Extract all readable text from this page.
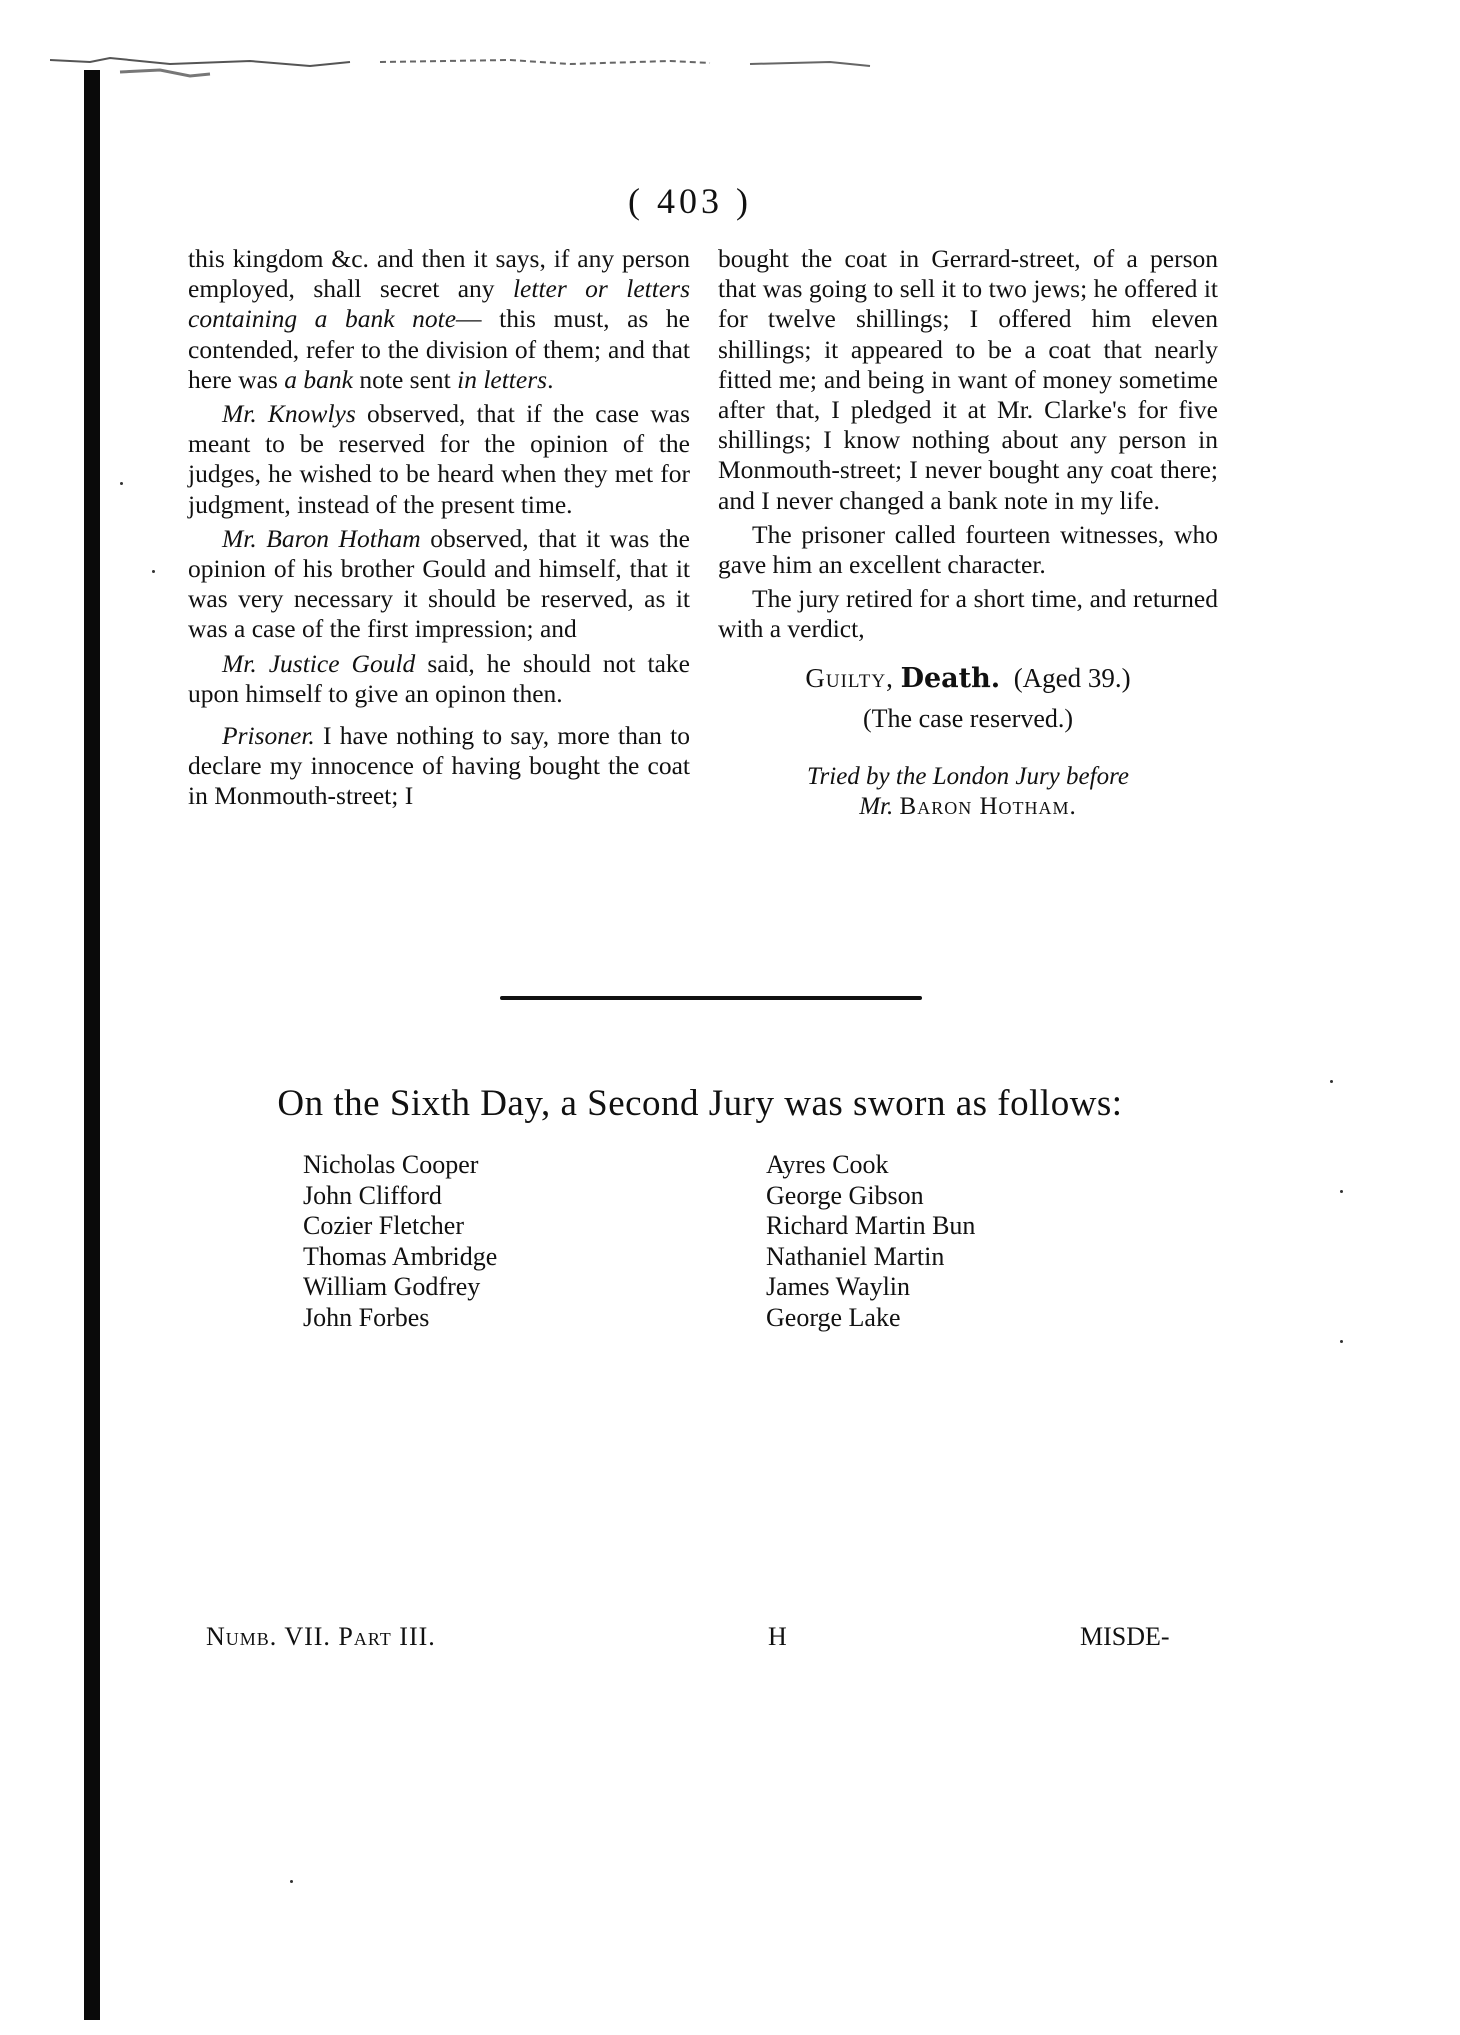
( 403 )

this kingdom &c. and then it says, if any person employed, shall secret any letter or letters containing a bank note— this must, as he contended, refer to the division of them; and that here was a bank note sent in letters.

Mr. Knowlys observed, that if the case was meant to be reserved for the opinion of the judges, he wished to be heard when they met for judgment, instead of the present time.

Mr. Baron Hotham observed, that it was the opinion of his brother Gould and himself, that it was very necessary it should be reserved, as it was a case of the first impression; and

Mr. Justice Gould said, he should not take upon himself to give an opinon then.

Prisoner. I have nothing to say, more than to declare my innocence of having bought the coat in Monmouth-street; I

bought the coat in Gerrard-street, of a person that was going to sell it to two jews; he offered it for twelve shillings; I offered him eleven shillings; it appeared to be a coat that nearly fitted me; and being in want of money sometime after that, I pledged it at Mr. Clarke's for five shillings; I know nothing about any person in Monmouth-street; I never bought any coat there; and I never changed a bank note in my life.

The prisoner called fourteen witnesses, who gave him an excellent character.

The jury retired for a short time, and returned with a verdict,

Guilty, Death. (Aged 39.)
(The case reserved.)
Tried by the London Jury before
Mr. Baron Hotham.
On the Sixth Day, a Second Jury was sworn as follows:
Nicholas Cooper
John Clifford
Cozier Fletcher
Thomas Ambridge
William Godfrey
John Forbes
Ayres Cook
George Gibson
Richard Martin Bun
Nathaniel Martin
James Waylin
George Lake
Numb. VII. Part III.	H	MISDE-
